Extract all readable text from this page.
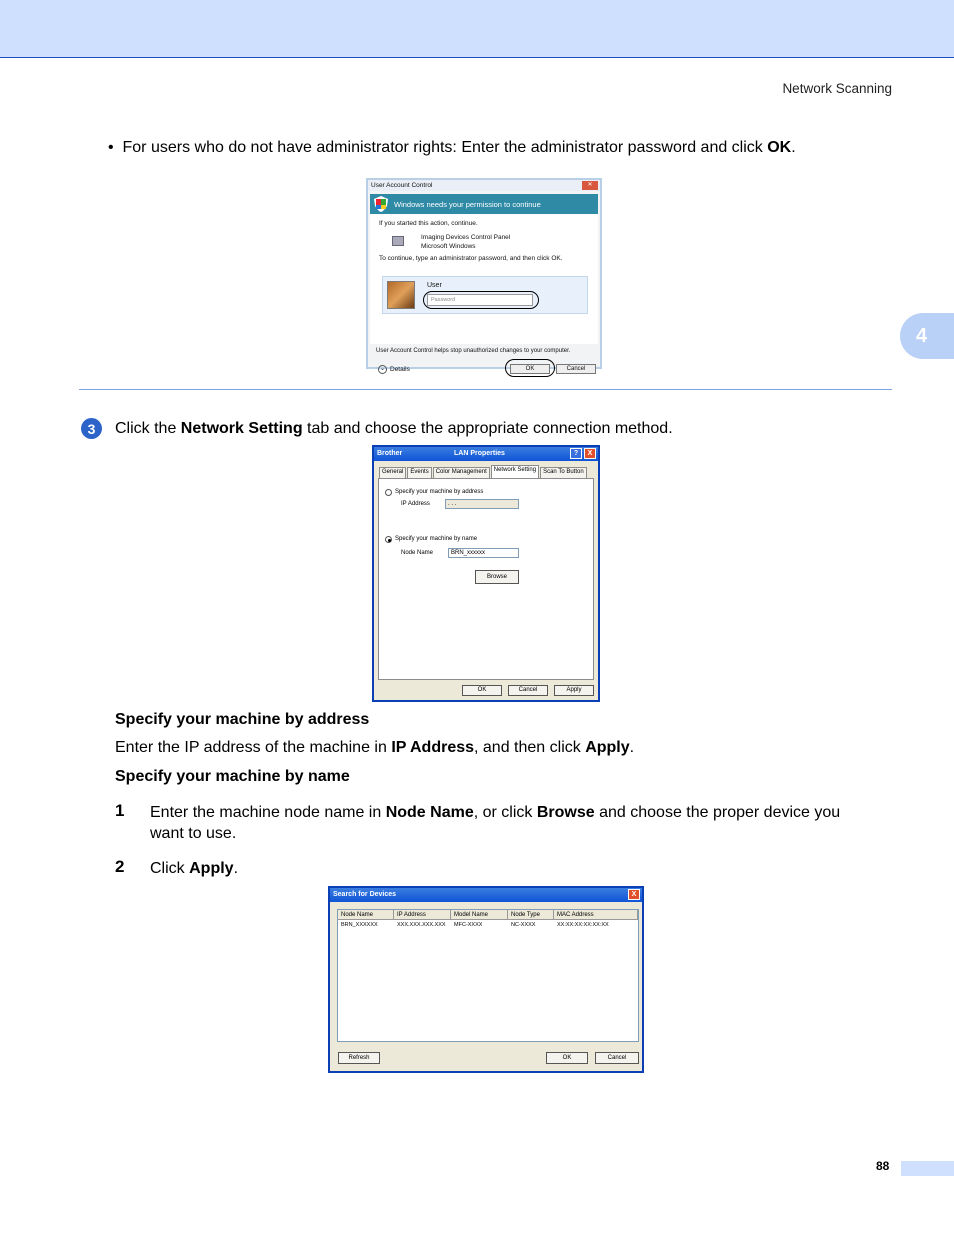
Network Scanning
4
• For users who do not have administrator rights: Enter the administrator password and click OK.
User Account Control	✕
Windows needs your permission to continue
If you started this action, continue.
Imaging Devices Control Panel
Microsoft Windows
To continue, type an administrator password, and then click OK.
User
Password
⌄ Details	OK	Cancel
User Account Control helps stop unauthorized changes to your computer.
3	Click the Network Setting tab and choose the appropriate connection method.
Brother	LAN Properties	?	X
General	Events	Color Management	Network Setting	Scan To Button
Specify your machine by address
IP Address	. . .
Specify your machine by name
Node Name	BRN_xxxxxx
Browse
OK	Cancel	Apply
Specify your machine by address
Enter the IP address of the machine in IP Address, and then click Apply.
Specify your machine by name
1 Enter the machine node name in Node Name, or click Browse and choose the proper device you
want to use.
2 Click Apply.
Search for Devices	X
Node Name	IP Address	Model Name	Node Type	MAC Address
BRN_XXXXXX	XXX.XXX.XXX.XXX	MFC-XXXX	NC-XXXX	XX:XX:XX:XX:XX:XX
Refresh	OK	Cancel
88
